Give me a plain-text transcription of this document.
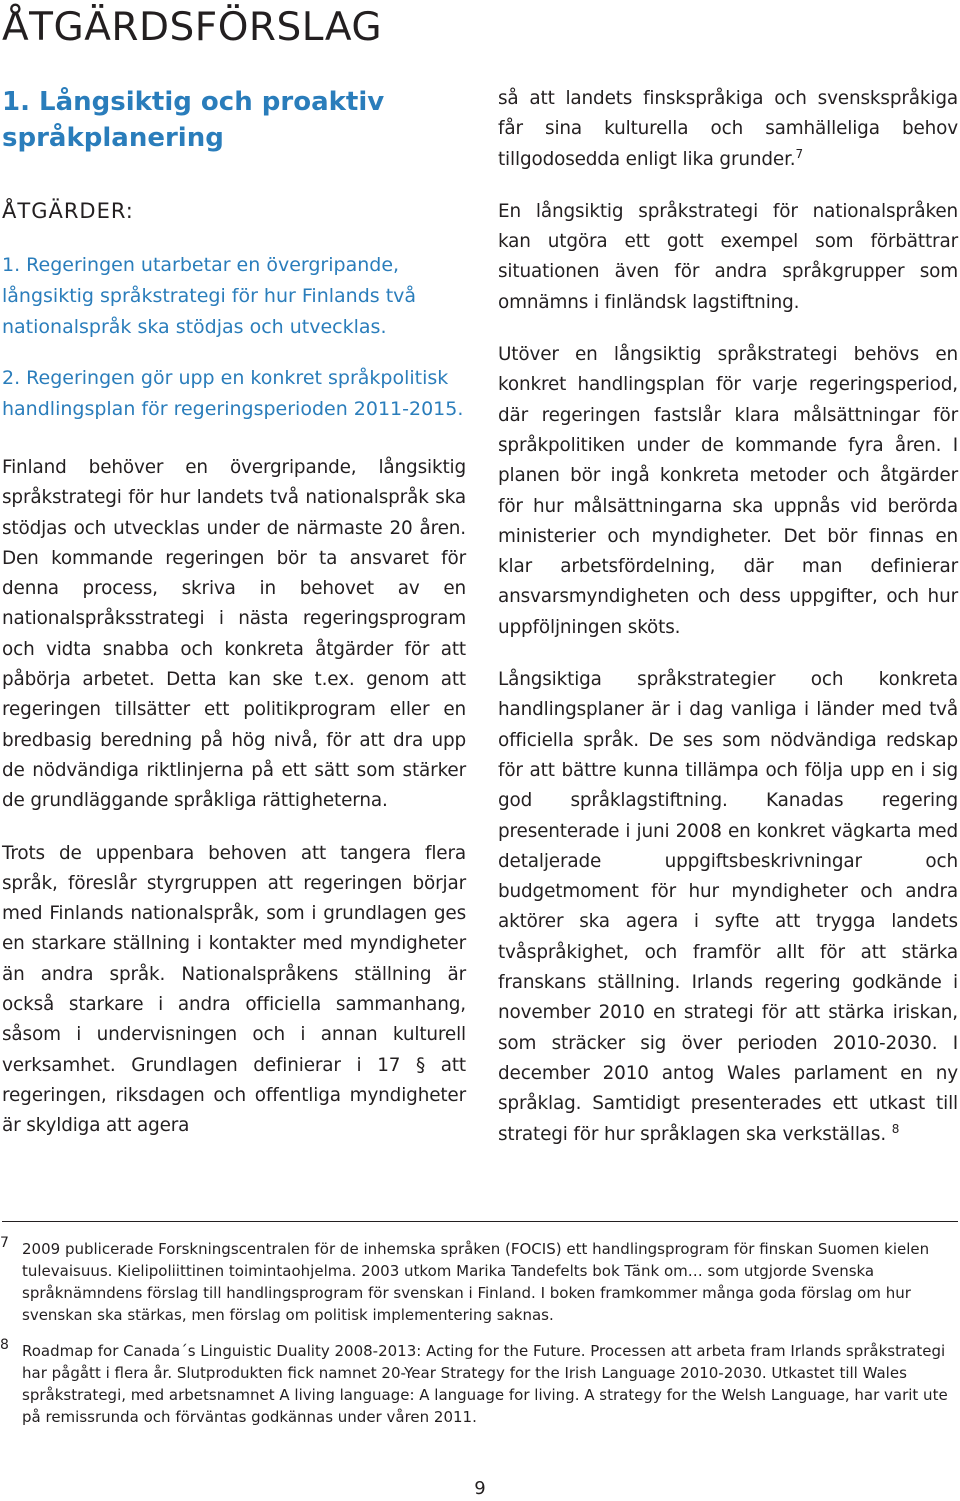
ÅTGÄRDSFÖRSLAG
1. Långsiktig och proaktiv språkplanering
ÅTGÄRDER:
1. Regeringen utarbetar en övergripande, långsiktig språkstrategi för hur Finlands två nationalspråk ska stödjas och utvecklas.
2. Regeringen gör upp en konkret språkpolitisk handlingsplan för regeringsperioden 2011-2015.

Finland behöver en övergripande, långsiktig språkstrategi för hur landets två nationalspråk ska stödjas och utvecklas under de närmaste 20 åren. Den kommande regeringen bör ta ansvaret för denna process, skriva in behovet av en nationalspråksstrategi i nästa regeringsprogram och vidta snabba och konkreta åtgärder för att påbörja arbetet. Detta kan ske t.ex. genom att regeringen tillsätter ett politikprogram eller en bredbasig beredning på hög nivå, för att dra upp de nödvändiga riktlinjerna på ett sätt som stärker de grundläggande språkliga rättigheterna.

Trots de uppenbara behoven att tangera flera språk, föreslår styrgruppen att regeringen börjar med Finlands nationalspråk, som i grundlagen ges en starkare ställning i kontakter med myndigheter än andra språk. Nationalspråkens ställning är också starkare i andra officiella sammanhang, såsom i undervisningen och i annan kulturell verksamhet. Grundlagen definierar i 17 § att regeringen, riksdagen och offentliga myndigheter är skyldiga att agera

så att landets finskspråkiga och svenskspråkiga får sina kulturella och samhälleliga behov tillgodosedda enligt lika grunder.$^7$

En långsiktig språkstrategi för nationalspråken kan utgöra ett gott exempel som förbättrar situationen även för andra språkgrupper som omnämns i finländsk lagstiftning.

Utöver en långsiktig språkstrategi behövs en konkret handlingsplan för varje regeringsperiod, där regeringen fastslår klara målsättningar för språkpolitiken under de kommande fyra åren. I planen bör ingå konkreta metoder och åtgärder för hur målsättningarna ska uppnås vid berörda ministerier och myndigheter. Det bör finnas en klar arbetsfördelning, där man definierar ansvarsmyndigheten och dess uppgifter, och hur uppföljningen sköts.

Långsiktiga språkstrategier och konkreta handlingsplaner är i dag vanliga i länder med två officiella språk. De ses som nödvändiga redskap för att bättre kunna tillämpa och följa upp en i sig god språklagstiftning. Kanadas regering presenterade i juni 2008 en konkret vägkarta med detaljerade uppgiftsbeskrivningar och budgetmoment för hur myndigheter och andra aktörer ska agera i syfte att trygga landets tvåspråkighet, och framför allt för att stärka franskans ställning. Irlands regering godkände i november 2010 en strategi för att stärka iriskan, som sträcker sig över perioden 2010-2030. I december 2010 antog Wales parlament en ny språklag. Samtidigt presenterades ett utkast till strategi för hur språklagen ska verkställas. $^8$

7 2009 publicerade Forskningscentralen för de inhemska språken (FOCIS) ett handlingsprogram för finskan Suomen kielen tulevaisuus. Kielipoliittinen toimintaohjelma. 2003 utkom Marika Tandefelts bok Tänk om… som utgjorde Svenska språknämndens förslag till handlingsprogram för svenskan i Finland. I boken framkommer många goda förslag om hur svenskan ska stärkas, men förslag om politisk implementering saknas.
8 Roadmap for Canada´s Linguistic Duality 2008-2013: Acting for the Future. Processen att arbeta fram Irlands språkstrategi har pågått i flera år. Slutprodukten fick namnet 20-Year Strategy for the Irish Language 2010-2030. Utkastet till Wales språkstrategi, med arbetsnamnet A living language: A language for living. A strategy for the Welsh Language, har varit ute på remissrunda och förväntas godkännas under våren 2011.
9
